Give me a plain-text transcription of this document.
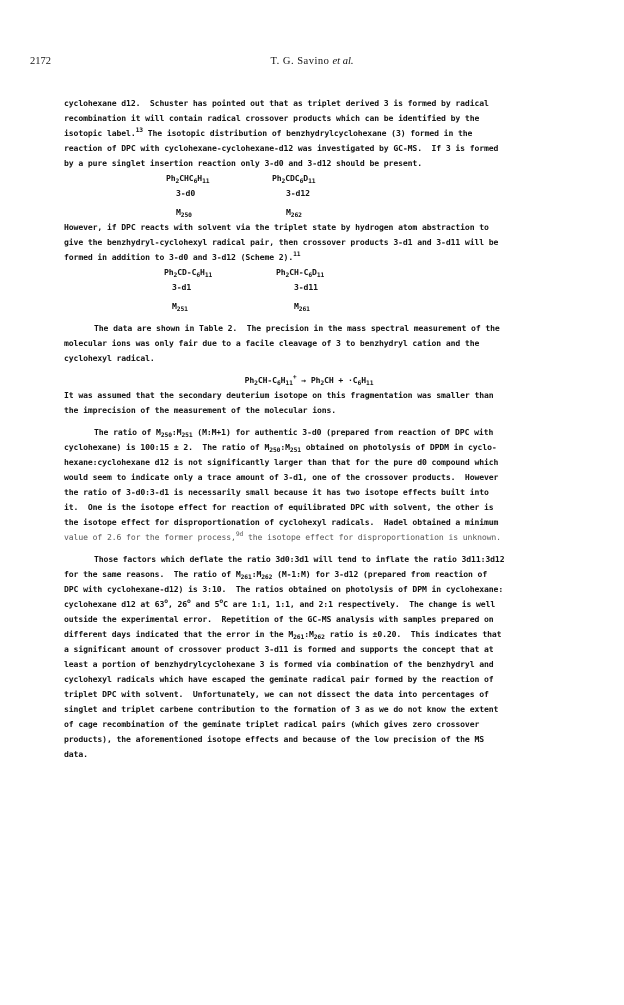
2172	T. G. Savino et al.
cyclohexane d12.  Schuster has pointed out that as triplet derived 3 is formed by radical
recombination it will contain radical crossover products which can be identified by the
isotopic label.$^{13}$ The isotopic distribution of benzhydrylcyclohexane (3) formed in the
reaction of DPC with cyclohexane-cyclohexane-d12 was investigated by GC-MS.  If 3 is formed
by a pure singlet insertion reaction only 3-d0 and 3-d12 should be present.
$Ph_2CHC_6H_{11}$	$Ph_2CDC_6D_{11}$
3-d0	3-d12
$M_{250}$	$M_{262}$
However, if DPC reacts with solvent via the triplet state by hydrogen atom abstraction to
give the benzhydryl-cyclohexyl radical pair, then crossover products 3-d1 and 3-d11 will be
formed in addition to 3-d0 and 3-d12 (Scheme 2).$^{11}$
$Ph_2CD-C_6H_{11}$	$Ph_2CH-C_6D_{11}$
3-d1	3-d11
$M_{251}$	$M_{261}$
The data are shown in Table 2.  The precision in the mass spectral measurement of the
molecular ions was only fair due to a facile cleavage of 3 to benzhydryl cation and the
cyclohexyl radical.
$Ph_2CH-C_6H_{11}^+ \to Ph_2CH + \cdot C_6H_{11}$
It was assumed that the secondary deuterium isotope on this fragmentation was smaller than
the imprecision of the measurement of the molecular ions.
The ratio of $M_{250}:M_{251}$ (M:M+1) for authentic 3-d0 (prepared from reaction of DPC with
cyclohexane) is 100:15 ± 2.  The ratio of $M_{250}:M_{251}$ obtained on photolysis of DPDM in cyclo-
hexane:cyclohexane d12 is not significantly larger than that for the pure d0 compound which
would seem to indicate only a trace amount of 3-d1, one of the crossover products.  However
the ratio of 3-d0:3-d1 is necessarily small because it has two isotope effects built into
it.  One is the isotope effect for reaction of equilibrated DPC with solvent, the other is
the isotope effect for disproportionation of cyclohexyl radicals.  Hadel obtained a minimum
value of 2.6 for the former process,$^{9d}$ the isotope effect for disproportionation is unknown.
Those factors which deflate the ratio 3d0:3d1 will tend to inflate the ratio 3d11:3d12
for the same reasons.  The ratio of $M_{261}:M_{262}$ (M-1:M) for 3-d12 (prepared from reaction of
DPC with cyclohexane-d12) is 3:10.  The ratios obtained on photolysis of DPM in cyclohexane:
cyclohexane d12 at 63$^o$, 26$^o$ and 5$^o$C are 1:1, 1:1, and 2:1 respectively.  The change is well
outside the experimental error.  Repetition of the GC-MS analysis with samples prepared on
different days indicated that the error in the $M_{261}:M_{262}$ ratio is ±0.20.  This indicates that
a significant amount of crossover product 3-d11 is formed and supports the concept that at
least a portion of benzhydrylcyclohexane 3 is formed via combination of the benzhydryl and
cyclohexyl radicals which have escaped the geminate radical pair formed by the reaction of
triplet DPC with solvent.  Unfortunately, we can not dissect the data into percentages of
singlet and triplet carbene contribution to the formation of 3 as we do not know the extent
of cage recombination of the geminate triplet radical pairs (which gives zero crossover
products), the aforementioned isotope effects and because of the low precision of the MS
data.
